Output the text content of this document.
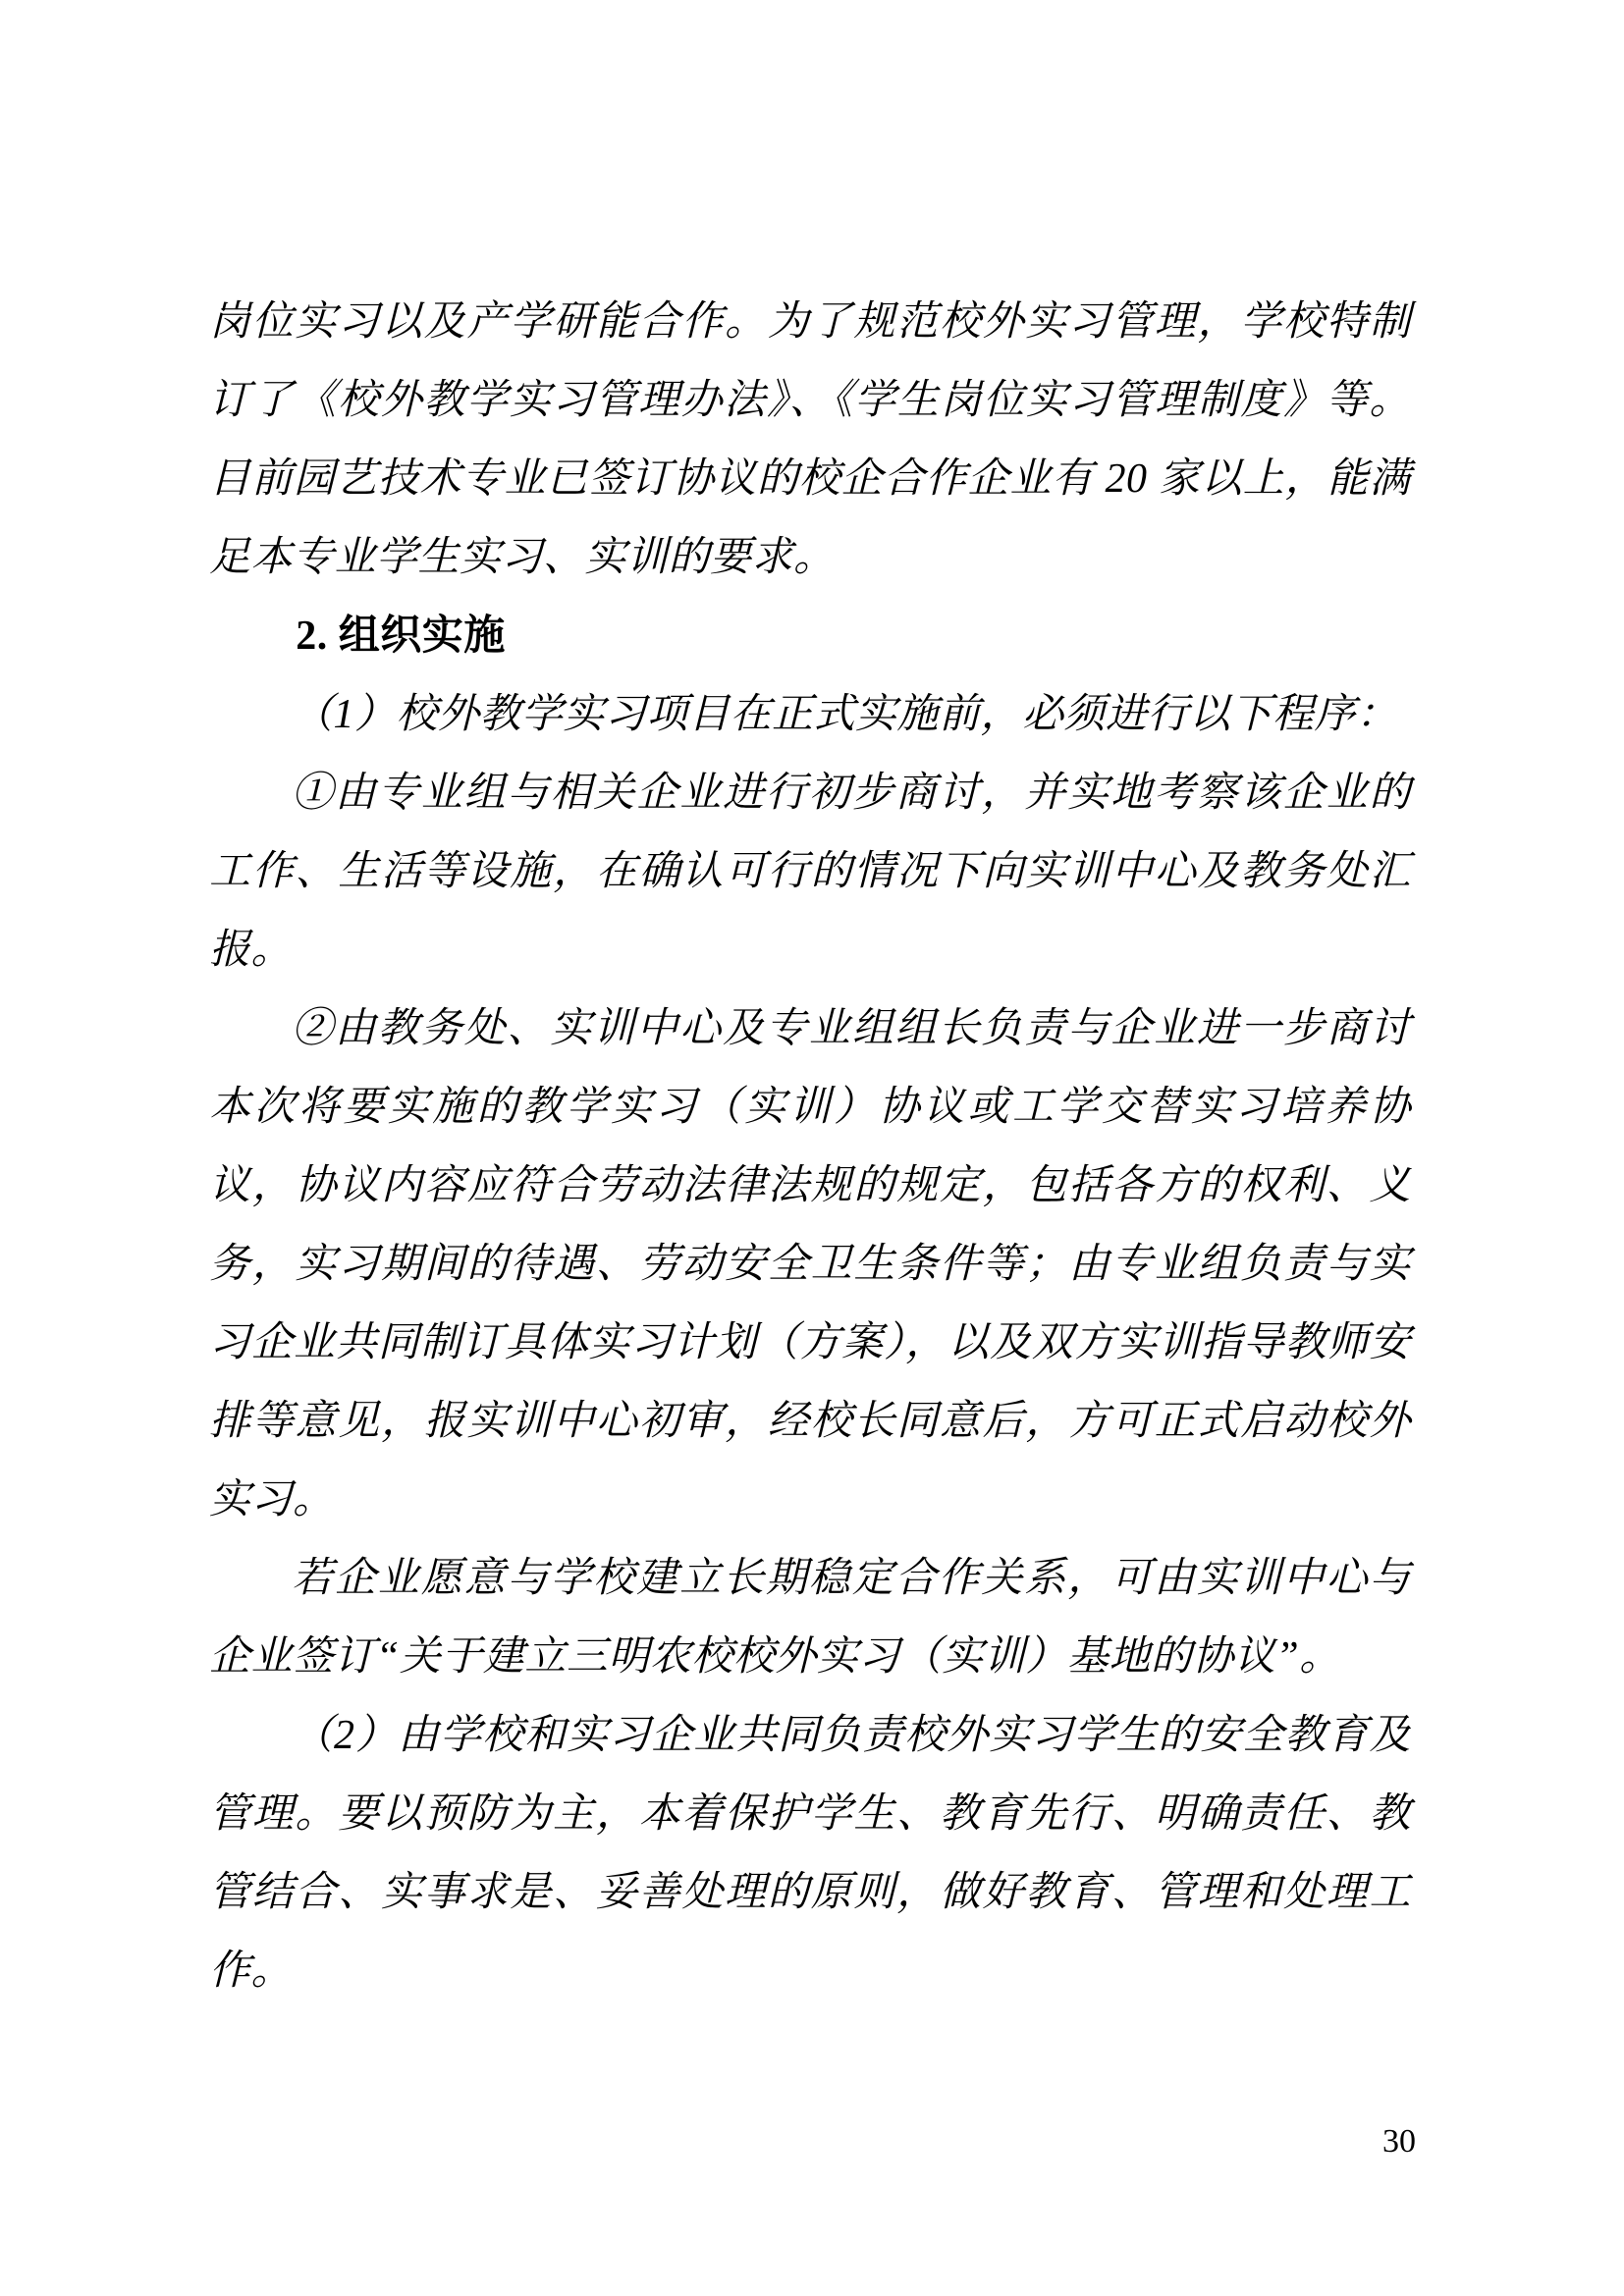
岗位实习以及产学研能合作。为了规范校外实习管理，学校特制订了《校外教学实习管理办法》、《学生岗位实习管理制度》等。目前园艺技术专业已签订协议的校企合作企业有 20 家以上，能满足本专业学生实习、实训的要求。

2. 组织实施

（1）校外教学实习项目在正式实施前，必须进行以下程序：

①由专业组与相关企业进行初步商讨，并实地考察该企业的工作、生活等设施，在确认可行的情况下向实训中心及教务处汇报。

②由教务处、实训中心及专业组组长负责与企业进一步商讨本次将要实施的教学实习（实训）协议或工学交替实习培养协议，协议内容应符合劳动法律法规的规定，包括各方的权利、义务，实习期间的待遇、劳动安全卫生条件等；由专业组负责与实习企业共同制订具体实习计划（方案），以及双方实训指导教师安排等意见，报实训中心初审，经校长同意后，方可正式启动校外实习。

若企业愿意与学校建立长期稳定合作关系，可由实训中心与企业签订“关于建立三明农校校外实习（实训）基地的协议”。

（2）由学校和实习企业共同负责校外实习学生的安全教育及管理。要以预防为主，本着保护学生、教育先行、明确责任、教管结合、实事求是、妥善处理的原则，做好教育、管理和处理工作。

30
